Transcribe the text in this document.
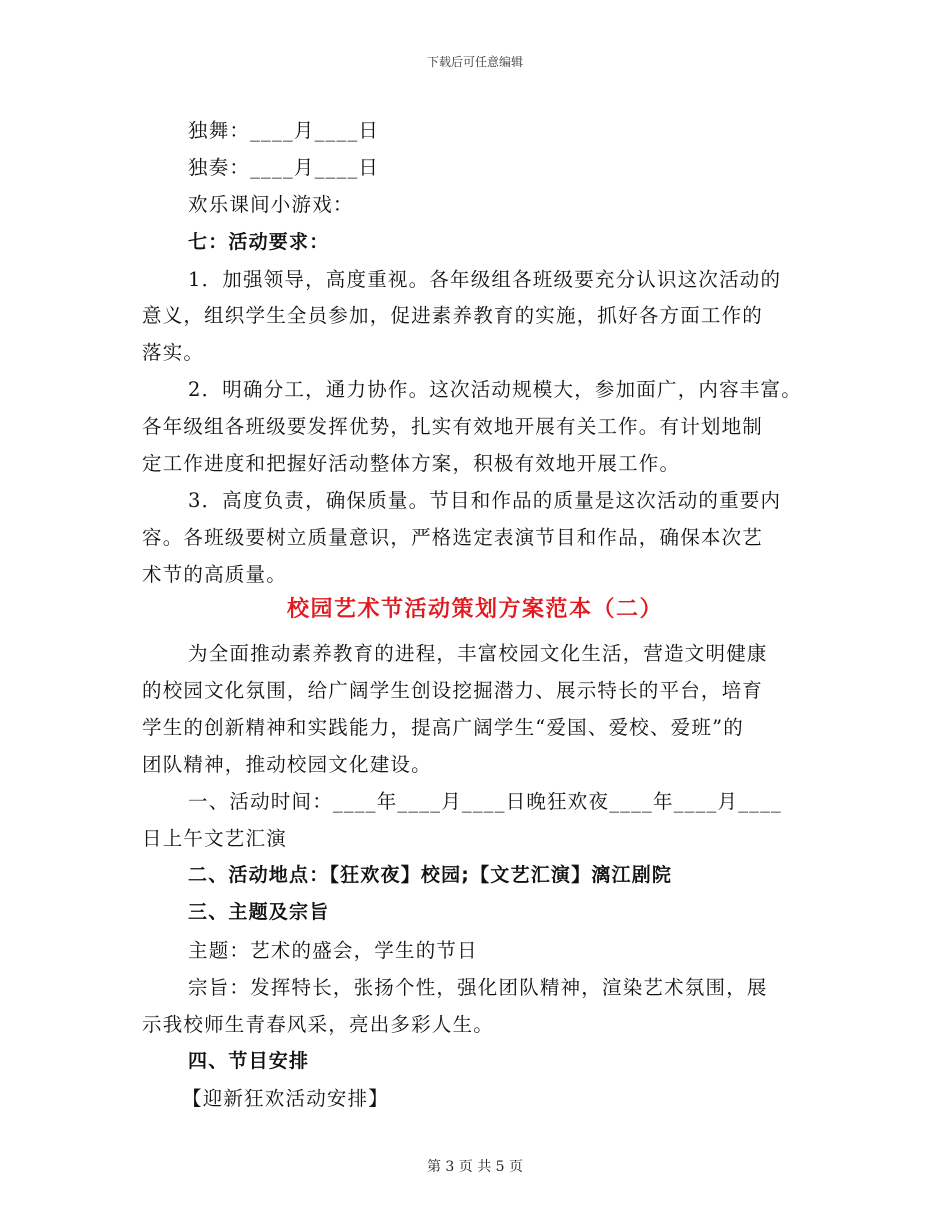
下载后可任意编辑
独舞：____月____日
独奏：____月____日
欢乐课间小游戏：
七：活动要求：
1．加强领导，高度重视。各年级组各班级要充分认识这次活动的
意义，组织学生全员参加，促进素养教育的实施，抓好各方面工作的
落实。
2．明确分工，通力协作。这次活动规模大，参加面广，内容丰富。
各年级组各班级要发挥优势，扎实有效地开展有关工作。有计划地制
定工作进度和把握好活动整体方案，积极有效地开展工作。
3．高度负责，确保质量。节目和作品的质量是这次活动的重要内
容。各班级要树立质量意识，严格选定表演节目和作品，确保本次艺
术节的高质量。
校园艺术节活动策划方案范本（二）
为全面推动素养教育的进程，丰富校园文化生活，营造文明健康
的校园文化氛围，给广阔学生创设挖掘潜力、展示特长的平台，培育
学生的创新精神和实践能力，提高广阔学生“爱国、爱校、爱班”的
团队精神，推动校园文化建设。
一、活动时间：____年____月____日晚狂欢夜____年____月____
日上午文艺汇演
二、活动地点：【狂欢夜】校园;【文艺汇演】漓江剧院
三、主题及宗旨
主题：艺术的盛会，学生的节日
宗旨：发挥特长，张扬个性，强化团队精神，渲染艺术氛围，展
示我校师生青春风采，亮出多彩人生。
四、节目安排
【迎新狂欢活动安排】
第 3 页 共 5 页
